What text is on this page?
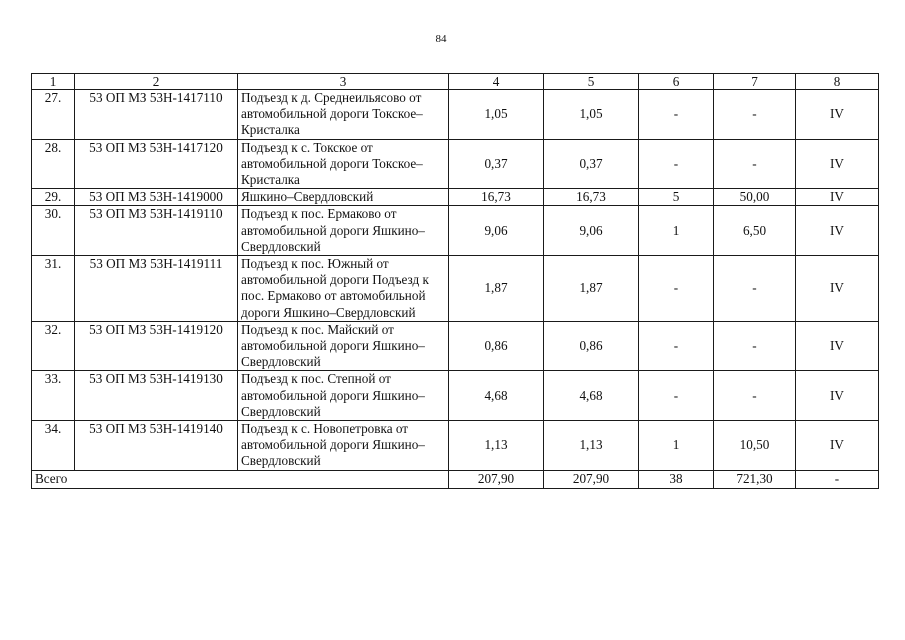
84
1	2	3	4	5	6	7	8
27.	53 ОП МЗ 53Н-1417110	Подъезд к д. Среднеильясово от автомобильной дороги Токское–Кристалка	1,05	1,05	-	-	IV
28.	53 ОП МЗ 53Н-1417120	Подъезд к с. Токское от автомобильной дороги Токское–Кристалка	0,37	0,37	-	-	IV
29.	53 ОП МЗ 53Н-1419000	Яшкино–Свердловский	16,73	16,73	5	50,00	IV
30.	53 ОП МЗ 53Н-1419110	Подъезд к пос. Ермаково от автомобильной дороги Яшкино–Свердловский	9,06	9,06	1	6,50	IV
31.	53 ОП МЗ 53Н-1419111	Подъезд к пос. Южный от автомобильной дороги Подъезд к пос. Ермаково от автомобильной дороги Яшкино–Свердловский	1,87	1,87	-	-	IV
32.	53 ОП МЗ 53Н-1419120	Подъезд к пос. Майский от автомобильной дороги Яшкино–Свердловский	0,86	0,86	-	-	IV
33.	53 ОП МЗ 53Н-1419130	Подъезд к пос. Степной от автомобильной дороги Яшкино–Свердловский	4,68	4,68	-	-	IV
34.	53 ОП МЗ 53Н-1419140	Подъезд к с. Новопетровка от автомобильной дороги Яшкино–Свердловский	1,13	1,13	1	10,50	IV
Всего			207,90	207,90	38	721,30	-
